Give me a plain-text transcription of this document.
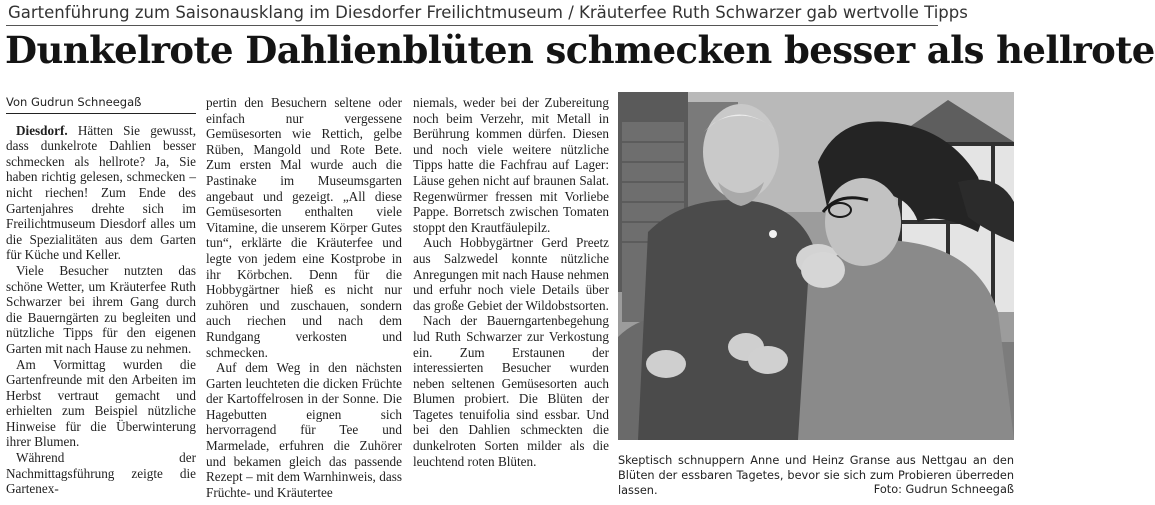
Gartenführung zum Saisonausklang im Diesdorfer Freilichtmuseum / Kräuterfee Ruth Schwarzer gab wertvolle Tipps
Dunkelrote Dahlienblüten schmecken besser als hellrote
Von Gudrun Schneegaß

Diesdorf. Hätten Sie gewusst, dass dunkelrote Dahlien besser schmecken als hellrote? Ja, Sie haben richtig gelesen, schmecken – nicht riechen! Zum Ende des Gartenjahres drehte sich im Freilichtmuseum Diesdorf alles um die Spezialitäten aus dem Garten für Küche und Keller.

Viele Besucher nutzten das schöne Wetter, um Kräuterfee Ruth Schwarzer bei ihrem Gang durch die Bauerngärten zu begleiten und nützliche Tipps für den eigenen Garten mit nach Hause zu nehmen.

Am Vormittag wurden die Gartenfreunde mit den Arbeiten im Herbst vertraut gemacht und erhielten zum Beispiel nützliche Hinweise für die Überwinterung ihrer Blumen.

Während der Nachmittagsführung zeigte die Gartenex-

pertin den Besuchern seltene oder einfach nur vergessene Gemüsesorten wie Rettich, gelbe Rüben, Mangold und Rote Bete. Zum ersten Mal wurde auch die Pastinake im Museumsgarten angebaut und gezeigt. „All diese Gemüsesorten enthalten viele Vitamine, die unserem Körper Gutes tun“, erklärte die Kräuterfee und legte von jedem eine Kostprobe in ihr Körbchen. Denn für die Hobbygärtner hieß es nicht nur zuhören und zuschauen, sondern auch riechen und nach dem Rundgang verkosten und schmecken.

Auf dem Weg in den nächsten Garten leuchteten die dicken Früchte der Kartoffelrosen in der Sonne. Die Hagebutten eignen sich hervorragend für Tee und Marmelade, erfuhren die Zuhörer und bekamen gleich das passende Rezept – mit dem Warnhinweis, dass Früchte- und Kräutertee

niemals, weder bei der Zubereitung noch beim Verzehr, mit Metall in Berührung kommen dürfen. Diesen und noch viele weitere nützliche Tipps hatte die Fachfrau auf Lager: Läuse gehen nicht auf braunen Salat. Regenwürmer fressen mit Vorliebe Pappe. Borretsch zwischen Tomaten stoppt den Krautfäulepilz.

Auch Hobbygärtner Gerd Preetz aus Salzwedel konnte nützliche Anregungen mit nach Hause nehmen und erfuhr noch viele Details über das große Gebiet der Wildobstsorten.

Nach der Bauerngartenbegehung lud Ruth Schwarzer zur Verkostung ein. Zum Erstaunen der interessierten Besucher wurden neben seltenen Gemüsesorten auch Blumen probiert. Die Blüten der Tagetes tenuifolia sind essbar. Und bei den Dahlien schmeckten die dunkelroten Sorten milder als die leuchtend roten Blüten.	Skeptisch schnuppern Anne und Heinz Granse aus Nettgau an den Blüten der essbaren Tagetes, bevor sie sich zum Probieren überreden lassen.	Foto: Gudrun Schneegaß
